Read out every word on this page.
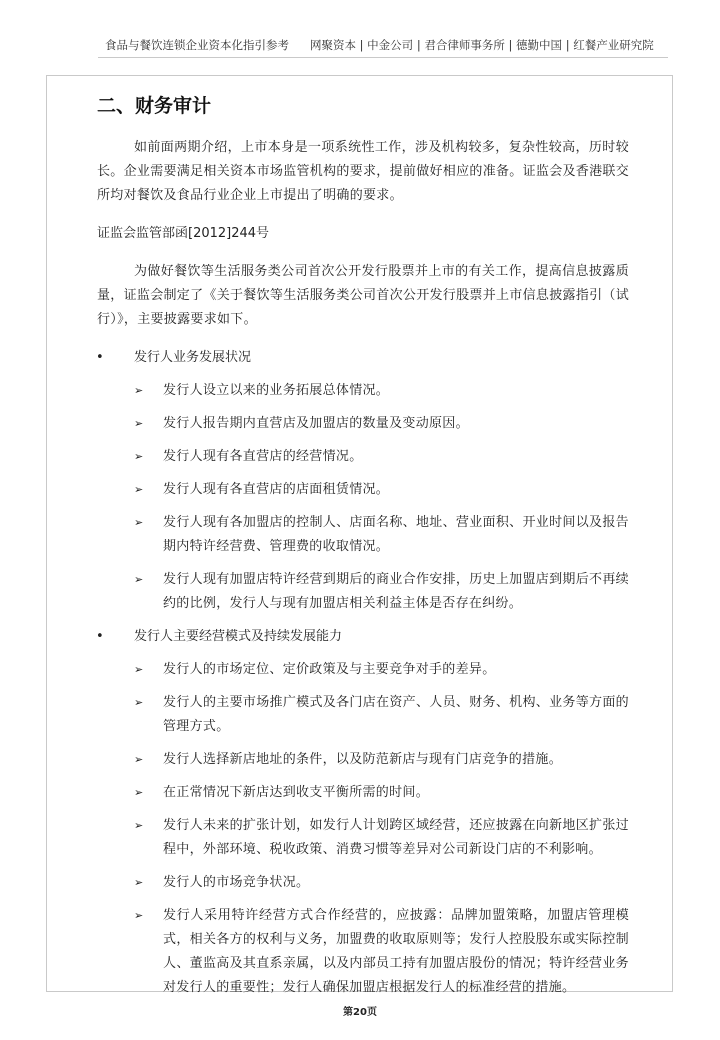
食品与餐饮连锁企业资本化指引参考 网聚资本 | 中金公司 | 君合律师事务所 | 德勤中国 | 红餐产业研究院
二、财务审计

如前面两期介绍，上市本身是一项系统性工作，涉及机构较多，复杂性较高，历时较长。企业需要满足相关资本市场监管机构的要求，提前做好相应的准备。证监会及香港联交所均对餐饮及食品行业企业上市提出了明确的要求。

证监会监管部函[2012]244号

为做好餐饮等生活服务类公司首次公开发行股票并上市的有关工作，提高信息披露质量，证监会制定了《关于餐饮等生活服务类公司首次公开发行股票并上市信息披露指引（试行）》，主要披露要求如下。

• 发行人业务发展状况
➢ 发行人设立以来的业务拓展总体情况。
➢ 发行人报告期内直营店及加盟店的数量及变动原因。
➢ 发行人现有各直营店的经营情况。
➢ 发行人现有各直营店的店面租赁情况。
➢ 发行人现有各加盟店的控制人、店面名称、地址、营业面积、开业时间以及报告期内特许经营费、管理费的收取情况。
➢ 发行人现有加盟店特许经营到期后的商业合作安排，历史上加盟店到期后不再续约的比例，发行人与现有加盟店相关利益主体是否存在纠纷。
• 发行人主要经营模式及持续发展能力
➢ 发行人的市场定位、定价政策及与主要竞争对手的差异。
➢ 发行人的主要市场推广模式及各门店在资产、人员、财务、机构、业务等方面的管理方式。
➢ 发行人选择新店地址的条件，以及防范新店与现有门店竞争的措施。
➢ 在正常情况下新店达到收支平衡所需的时间。
➢ 发行人未来的扩张计划，如发行人计划跨区域经营，还应披露在向新地区扩张过程中，外部环境、税收政策、消费习惯等差异对公司新设门店的不利影响。
➢ 发行人的市场竞争状况。
➢ 发行人采用特许经营方式合作经营的，应披露：品牌加盟策略，加盟店管理模式，相关各方的权利与义务，加盟费的收取原则等；发行人控股股东或实际控制人、董监高及其直系亲属，以及内部员工持有加盟店股份的情况；特许经营业务对发行人的重要性；发行人确保加盟店根据发行人的标准经营的措施。
第20页
